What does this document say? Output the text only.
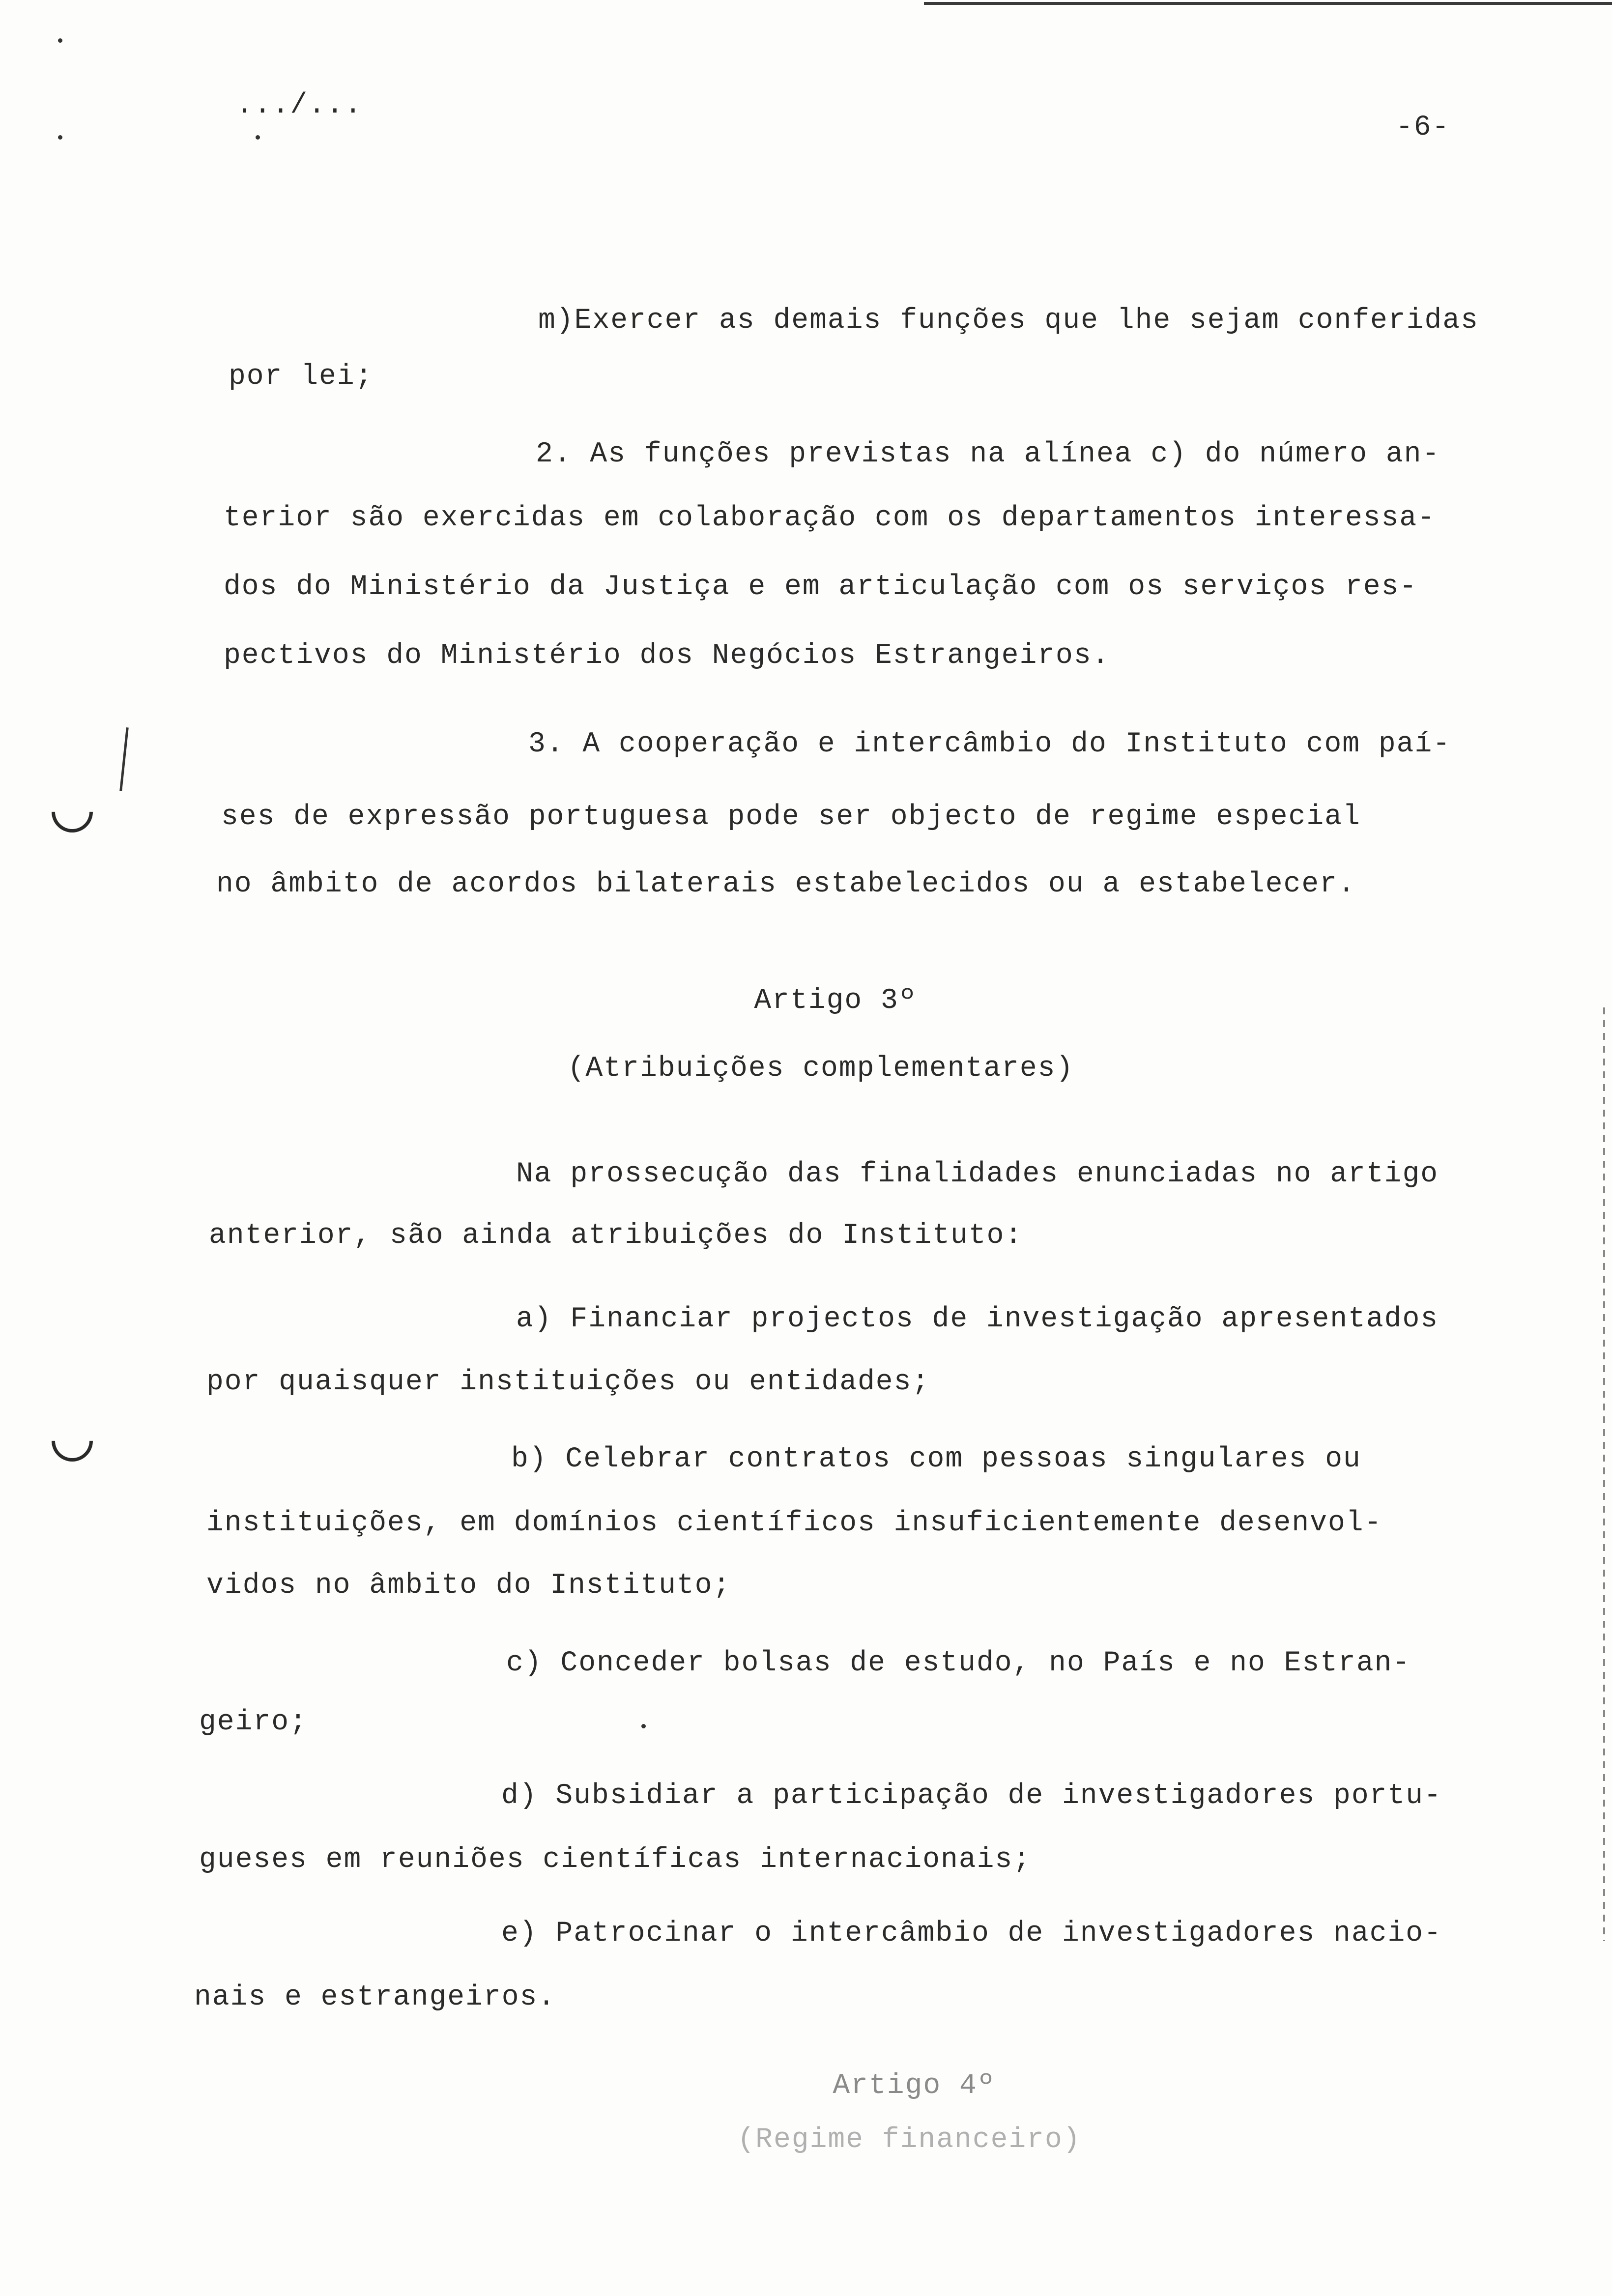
.../...
-6-
m)Exercer as demais funções que lhe sejam conferidas
por lei;
2. As funções previstas na alínea c) do número an-
terior são exercidas em colaboração com os departamentos interessa-
dos do Ministério da Justiça e em articulação com os serviços res-
pectivos do Ministério dos Negócios Estrangeiros.
3. A cooperação e intercâmbio do Instituto com paí-
ses de expressão portuguesa pode ser objecto de regime especial
no âmbito de acordos bilaterais estabelecidos ou a estabelecer.
Artigo 3º
(Atribuições complementares)
Na prossecução das finalidades enunciadas no artigo
anterior, são ainda atribuições do Instituto:
a) Financiar projectos de investigação apresentados
por quaisquer instituições ou entidades;
b) Celebrar contratos com pessoas singulares ou
instituições, em domínios científicos insuficientemente desenvol-
vidos no âmbito do Instituto;
c) Conceder bolsas de estudo, no País e no Estran-
geiro;
d) Subsidiar a participação de investigadores portu-
gueses em reuniões científicas internacionais;
e) Patrocinar o intercâmbio de investigadores nacio-
nais e estrangeiros.
Artigo 4º
(Regime financeiro)
